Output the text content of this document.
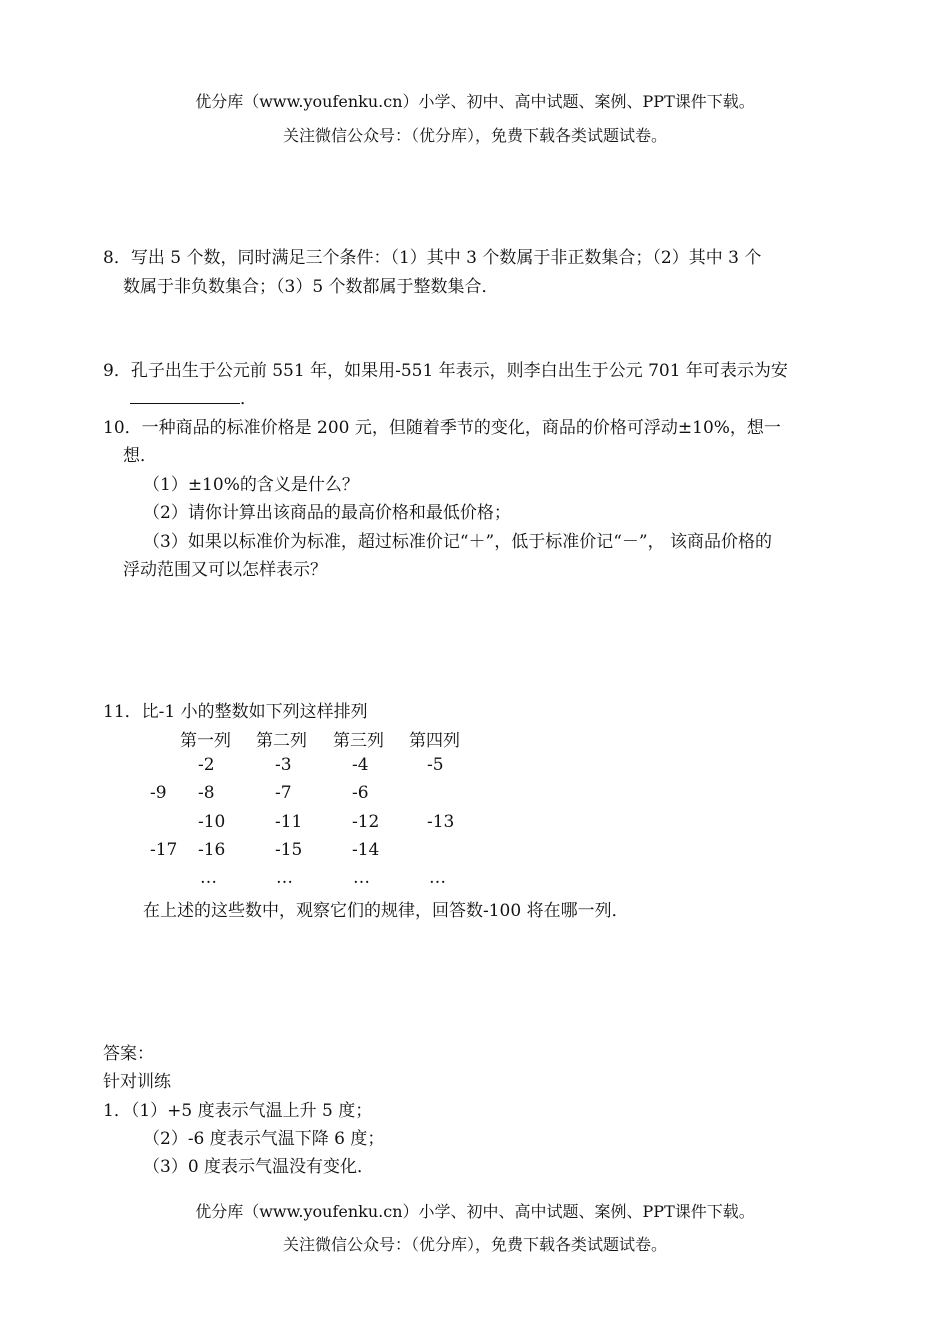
优分库（www.youfenku.cn）小学、初中、高中试题、案例、PPT课件下载。
关注微信公众号：（优分库），免费下载各类试题试卷。
8．写出 5 个数，同时满足三个条件：（1）其中 3 个数属于非正数集合；（2）其中 3 个
数属于非负数集合；（3）5 个数都属于整数集合．
9．孔子出生于公元前 551 年，如果用-551 年表示，则李白出生于公元 701 年可表示为安
．
10．一种商品的标准价格是 200 元，但随着季节的变化，商品的价格可浮动±10%，想一
想．
（1）±10%的含义是什么？
（2）请你计算出该商品的最高价格和最低价格；
（3）如果以标准价为标准，超过标准价记“＋”，低于标准价记“－”， 该商品价格的
浮动范围又可以怎样表示？
11．比-1 小的整数如下列这样排列
第一列 第二列 第三列 第四列
-2	-3	-4	-5
-9 -8	-7	-6
-10	-11	-12	-13
-17 -16	-15	-14
…	…	…	…
在上述的这些数中，观察它们的规律，回答数-100 将在哪一列．
答案：
针对训练
1．（1）+5 度表示气温上升 5 度；
（2）-6 度表示气温下降 6 度；
（3）0 度表示气温没有变化．
优分库（www.youfenku.cn）小学、初中、高中试题、案例、PPT课件下载。
关注微信公众号：（优分库），免费下载各类试题试卷。
